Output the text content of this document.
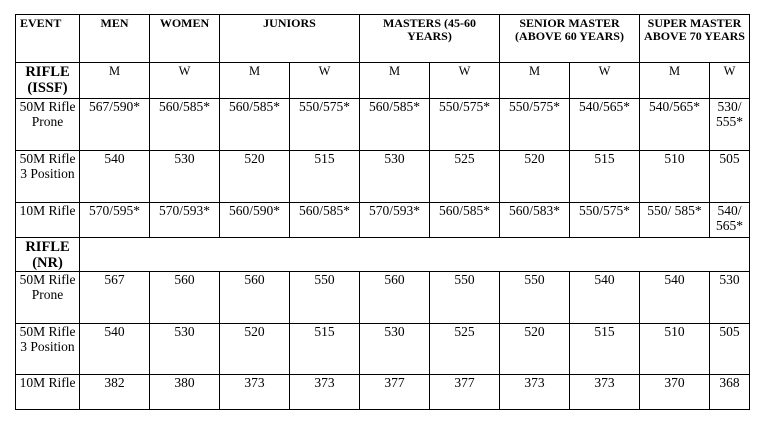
EVENT	MEN	WOMEN	JUNIORS		MASTERS (45-60 YEARS)		SENIOR MASTER (ABOVE 60 YEARS)		SUPER MASTER ABOVE 70 YEARS	
RIFLE (ISSF)	M	W	M	W	M	W	M	W	M	W
50M Rifle Prone	567/590*	560/585*	560/585*	550/575*	560/585*	550/575*	550/575*	540/565*	540/565*	530/ 555*
50M Rifle 3 Position	540	530	520	515	530	525	520	515	510	505
10M Rifle	570/595*	570/593*	560/590*	560/585*	570/593*	560/585*	560/583*	550/575*	550/ 585*	540/ 565*
RIFLE (NR)										
50M Rifle Prone	567	560	560	550	560	550	550	540	540	530
50M Rifle 3 Position	540	530	520	515	530	525	520	515	510	505
10M Rifle	382	380	373	373	377	377	373	373	370	368
